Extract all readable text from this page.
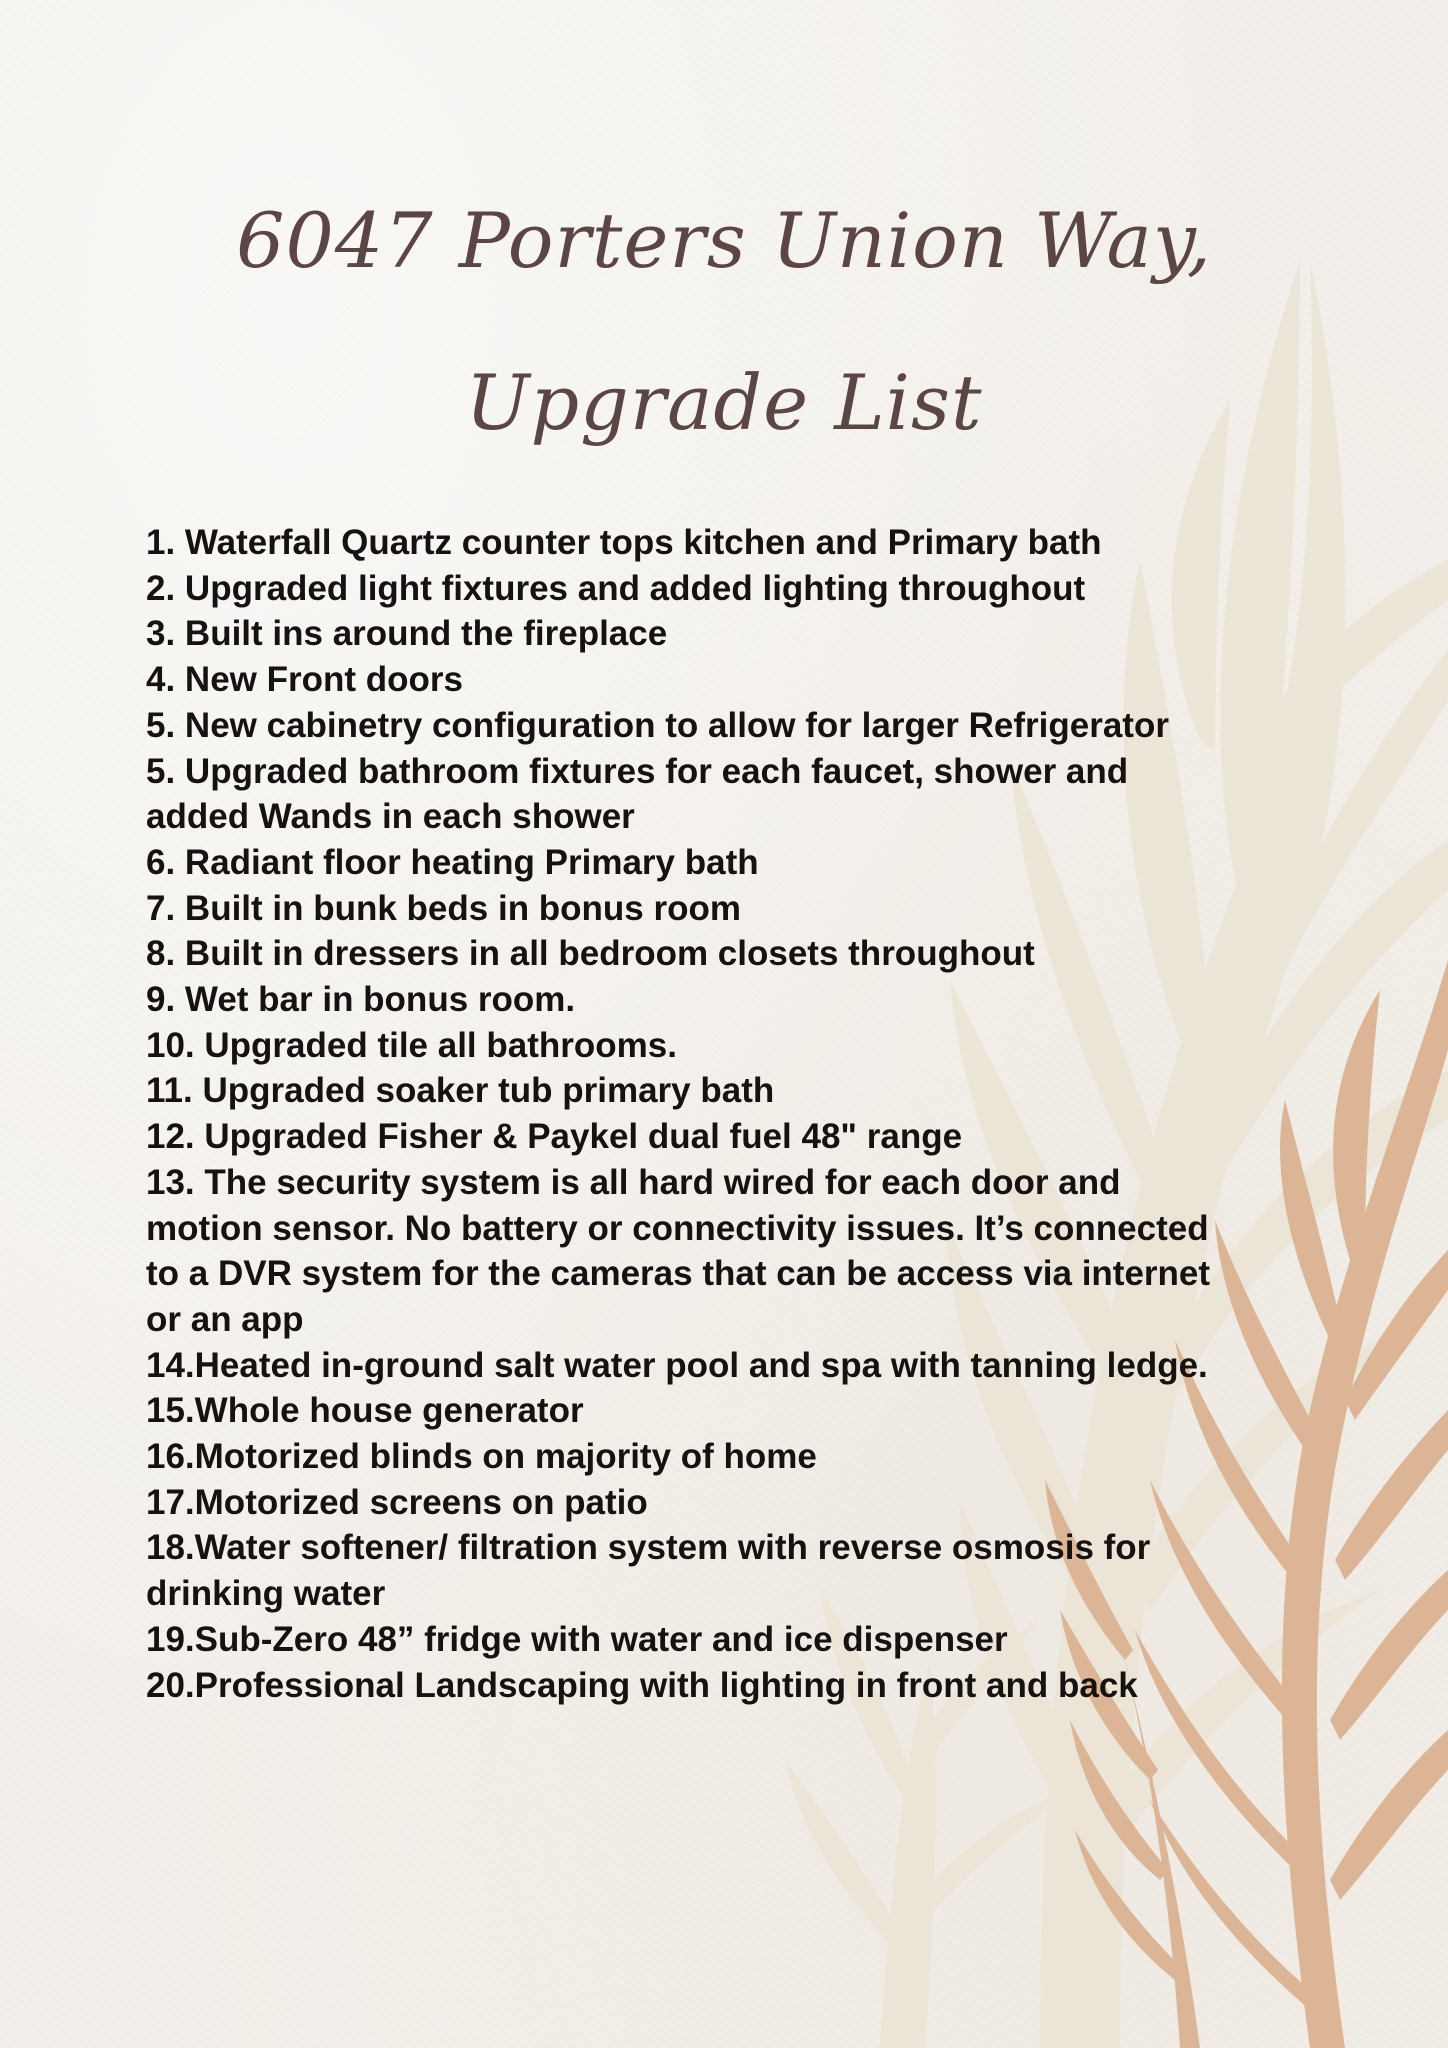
6047 Porters Union Way,
Upgrade List
1. Waterfall Quartz counter tops kitchen and Primary bath
2. Upgraded light fixtures and added lighting throughout
3. Built ins around the fireplace
4. New Front doors
5. New cabinetry configuration to allow for larger Refrigerator
5. Upgraded bathroom fixtures for each faucet, shower and added Wands in each shower
6. Radiant floor heating Primary bath
7. Built in bunk beds in bonus room
8. Built in dressers in all bedroom closets throughout
9. Wet bar in bonus room.
10. Upgraded tile all bathrooms.
11. Upgraded soaker tub primary bath
12. Upgraded Fisher & Paykel dual fuel 48" range
13. The security system is all hard wired for each door and motion sensor. No battery or connectivity issues. It’s connected to a DVR system for the cameras that can be access via internet or an app
14.Heated in-ground salt water pool and spa with tanning ledge.
15.Whole house generator
16.Motorized blinds on majority of home
17.Motorized screens on patio
18.Water softener/ filtration system with reverse osmosis for drinking water
19.Sub-Zero 48” fridge with water and ice dispenser
20.Professional Landscaping with lighting in front and back
